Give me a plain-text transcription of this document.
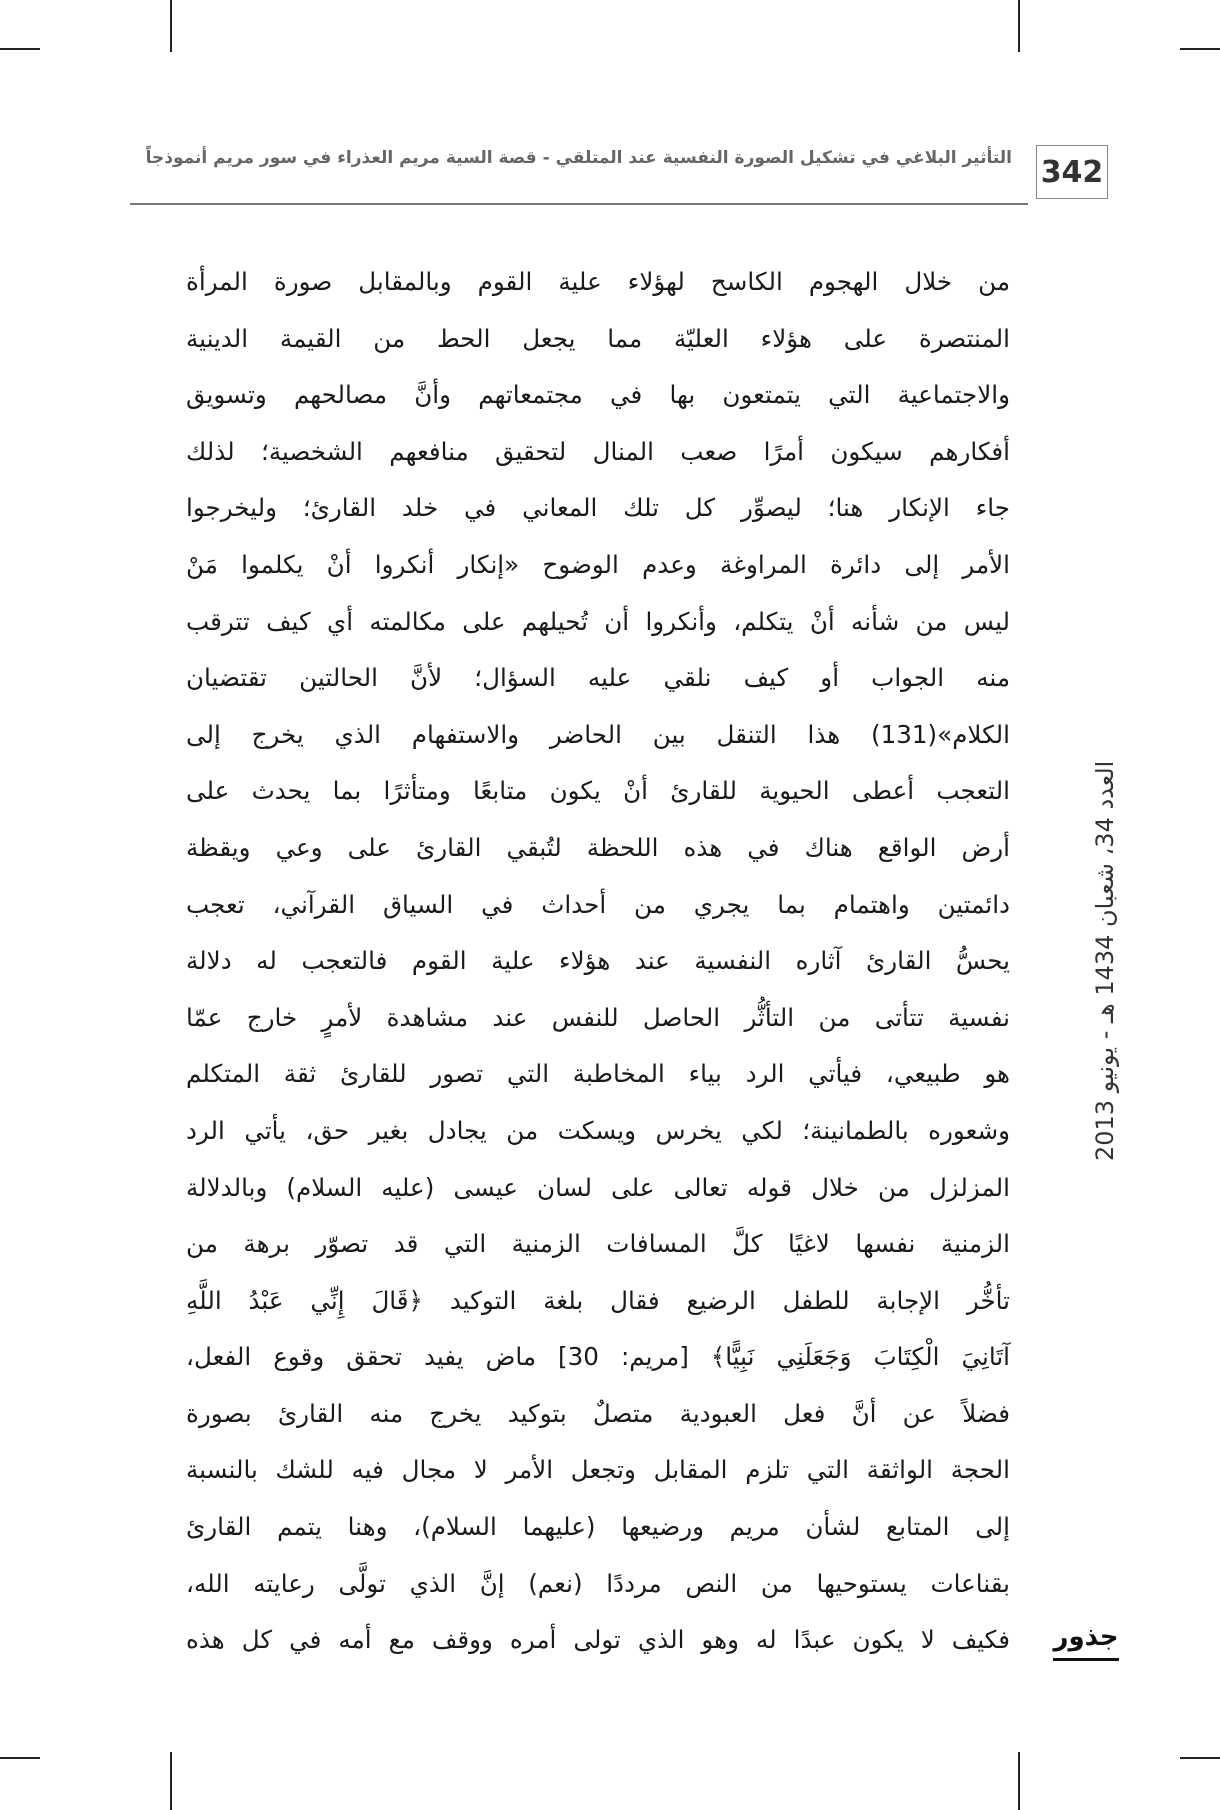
342
التأثير البلاغي في تشكيل الصورة النفسية عند المتلقي - قصة السية مريم العذراء في سور مريم أنموذجاً
من خلال الهجوم الكاسح لهؤلاء علية القوم وبالمقابل صورة المرأة
المنتصرة على هؤلاء العليّة مما يجعل الحط من القيمة الدينية
والاجتماعية التي يتمتعون بها في مجتمعاتهم وأنَّ مصالحهم وتسويق
أفكارهم سيكون أمرًا صعب المنال لتحقيق منافعهم الشخصية؛ لذلك
جاء الإنكار هنا؛ ليصوِّر كل تلك المعاني في خلد القارئ؛ وليخرجوا
الأمر إلى دائرة المراوغة وعدم الوضوح «إنكار أنكروا أنْ يكلموا مَنْ
ليس من شأنه أنْ يتكلم، وأنكروا أن تُحيلهم على مكالمته أي كيف تترقب
منه الجواب أو كيف نلقي عليه السؤال؛ لأنَّ الحالتين تقتضيان
الكلام»(131) هذا التنقل بين الحاضر والاستفهام الذي يخرج إلى
التعجب أعطى الحيوية للقارئ أنْ يكون متابعًا ومتأثرًا بما يحدث على
أرض الواقع هناك في هذه اللحظة لتُبقي القارئ على وعي ويقظة
دائمتين واهتمام بما يجري من أحداث في السياق القرآني، تعجب
يحسُّ القارئ آثاره النفسية عند هؤلاء علية القوم فالتعجب له دلالة
نفسية تتأتى من التأثُّر الحاصل للنفس عند مشاهدة لأمرٍ خارج عمّا
هو طبيعي، فيأتي الرد بياء المخاطبة التي تصور للقارئ ثقة المتكلم
وشعوره بالطمانينة؛ لكي يخرس ويسكت من يجادل بغير حق، يأتي الرد
المزلزل من خلال قوله تعالى على لسان عيسى (عليه السلام) وبالدلالة
الزمنية نفسها لاغيًا كلَّ المسافات الزمنية التي قد تصوّر برهة من
تأخُّر الإجابة للطفل الرضيع فقال بلغة التوكيد ﴿قَالَ إِنِّي عَبْدُ اللَّهِ
آتَانِيَ الْكِتَابَ وَجَعَلَنِي نَبِيًّا﴾ [مريم: 30] ماض يفيد تحقق وقوع الفعل،
فضلاً عن أنَّ فعل العبودية متصلٌ بتوكيد يخرج منه القارئ بصورة
الحجة الواثقة التي تلزم المقابل وتجعل الأمر لا مجال فيه للشك بالنسبة
إلى المتابع لشأن مريم ورضيعها (عليهما السلام)، وهنا يتمم القارئ
بقناعات يستوحيها من النص مرددًا (نعم) إنَّ الذي تولَّى رعايته الله،
فكيف لا يكون عبدًا له وهو الذي تولى أمره ووقف مع أمه في كل هذه
العدد 34، شعبان 1434 هـ - يونيو 2013
جذور
